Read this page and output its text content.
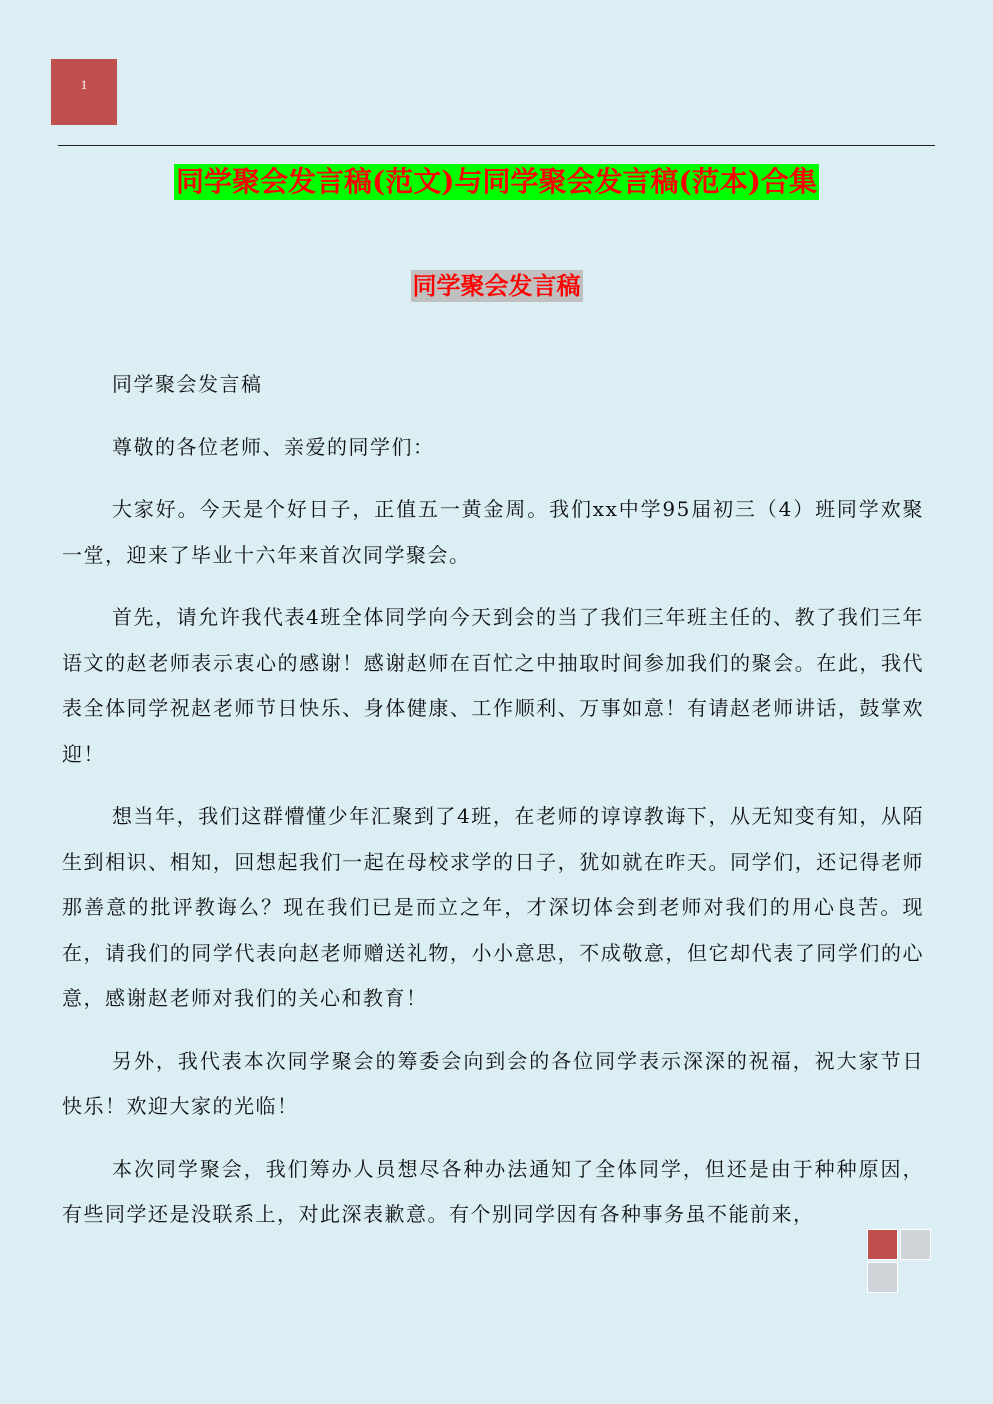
1
同学聚会发言稿(范文)与同学聚会发言稿(范本)合集
同学聚会发言稿

同学聚会发言稿

尊敬的各位老师、亲爱的同学们：

大家好。今天是个好日子，正值五一黄金周。我们xx中学95届初三（4）班同学欢聚一堂，迎来了毕业十六年来首次同学聚会。

首先，请允许我代表4班全体同学向今天到会的当了我们三年班主任的、教了我们三年语文的赵老师表示衷心的感谢！感谢赵师在百忙之中抽取时间参加我们的聚会。在此，我代表全体同学祝赵老师节日快乐、身体健康、工作顺利、万事如意！有请赵老师讲话，鼓掌欢迎！

想当年，我们这群懵懂少年汇聚到了4班，在老师的谆谆教诲下，从无知变有知，从陌生到相识、相知，回想起我们一起在母校求学的日子，犹如就在昨天。同学们，还记得老师那善意的批评教诲么？现在我们已是而立之年，才深切体会到老师对我们的用心良苦。现在，请我们的同学代表向赵老师赠送礼物，小小意思，不成敬意，但它却代表了同学们的心意，感谢赵老师对我们的关心和教育！

另外，我代表本次同学聚会的筹委会向到会的各位同学表示深深的祝福，祝大家节日快乐！欢迎大家的光临！

本次同学聚会，我们筹办人员想尽各种办法通知了全体同学，但还是由于种种原因，有些同学还是没联系上，对此深表歉意。有个别同学因有各种事务虽不能前来，
